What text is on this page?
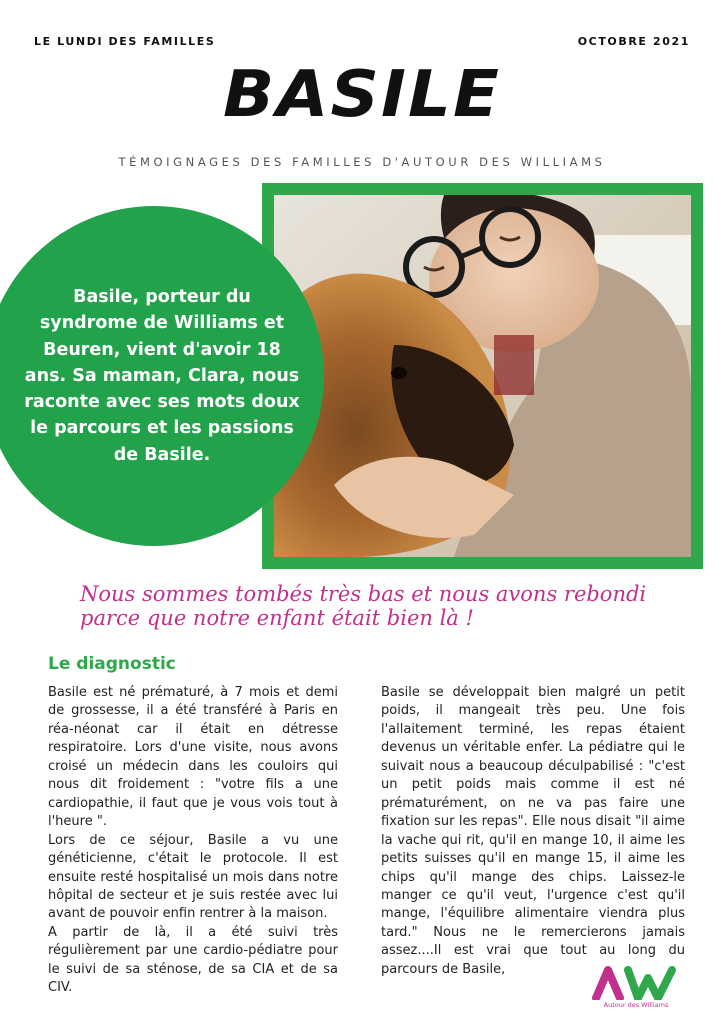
LE LUNDI DES FAMILLES	OCTOBRE 2021
BASILE
TÉMOIGNAGES DES FAMILLES D'AUTOUR DES WILLIAMS

Basile, porteur du syndrome de Williams et Beuren, vient d'avoir 18 ans. Sa maman, Clara, nous raconte avec ses mots doux le parcours et les passions de Basile.

Nous sommes tombés très bas et nous avons rebondi parce que notre enfant était bien là !

Le diagnostic

Basile est né prématuré, à 7 mois et demi de grossesse, il a été transféré à Paris en réa-néonat car il était en détresse respiratoire. Lors d'une visite, nous avons croisé un médecin dans les couloirs qui nous dit froidement : "votre fils a une cardiopathie, il faut que je vous vois tout à l'heure ".

Lors de ce séjour, Basile a vu une généticienne, c'était le protocole. Il est ensuite resté hospitalisé un mois dans notre hôpital de secteur et je suis restée avec lui avant de pouvoir enfin rentrer à la maison.

A partir de là, il a été suivi très régulièrement par une cardio-pédiatre pour le suivi de sa sténose, de sa CIA et de sa CIV.

Basile se développait bien malgré un petit poids, il mangeait très peu. Une fois l'allaitement terminé, les repas étaient devenus un véritable enfer. La pédiatre qui le suivait nous a beaucoup déculpabilisé : "c'est un petit poids mais comme il est né prématurément, on ne va pas faire une fixation sur les repas". Elle nous disait "il aime la vache qui rit, qu'il en mange 10, il aime les petits suisses qu'il en mange 15, il aime les chips qu'il mange des chips. Laissez-le manger ce qu'il veut, l'urgence c'est qu'il mange, l'équilibre alimentaire viendra plus tard." Nous ne le remercierons jamais assez....Il est vrai que tout au long du parcours de Basile,

Autour des Williams
